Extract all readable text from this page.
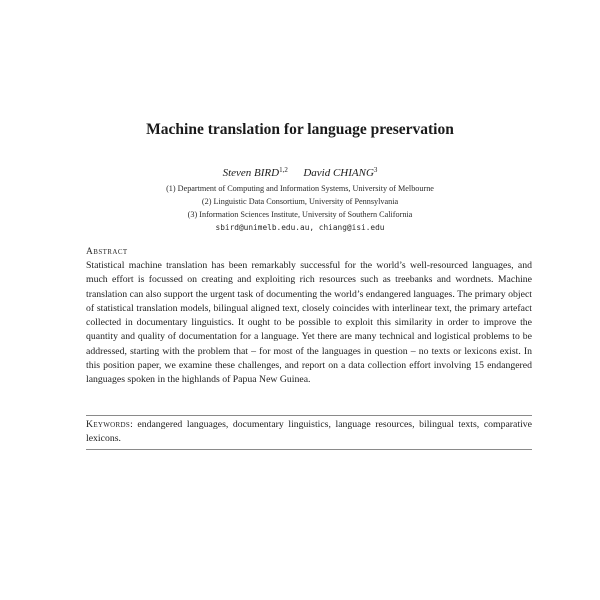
Machine translation for language preservation
Steven BIRD$^{1,2}$ David CHIANG$^3$
(1) Department of Computing and Information Systems, University of Melbourne
(2) Linguistic Data Consortium, University of Pennsylvania
(3) Information Sciences Institute, University of Southern California
sbird@unimelb.edu.au, chiang@isi.edu
Abstract
Statistical machine translation has been remarkably successful for the world’s well-resourced languages, and much effort is focussed on creating and exploiting rich resources such as treebanks and wordnets. Machine translation can also support the urgent task of documenting the world’s endangered languages. The primary object of statistical translation models, bilingual aligned text, closely coincides with interlinear text, the primary artefact collected in documentary linguistics. It ought to be possible to exploit this similarity in order to improve the quantity and quality of documentation for a language. Yet there are many technical and logistical problems to be addressed, starting with the problem that – for most of the languages in question – no texts or lexicons exist. In this position paper, we examine these challenges, and report on a data collection effort involving 15 endangered languages spoken in the highlands of Papua New Guinea.
Keywords: endangered languages, documentary linguistics, language resources, bilingual texts, comparative lexicons.
